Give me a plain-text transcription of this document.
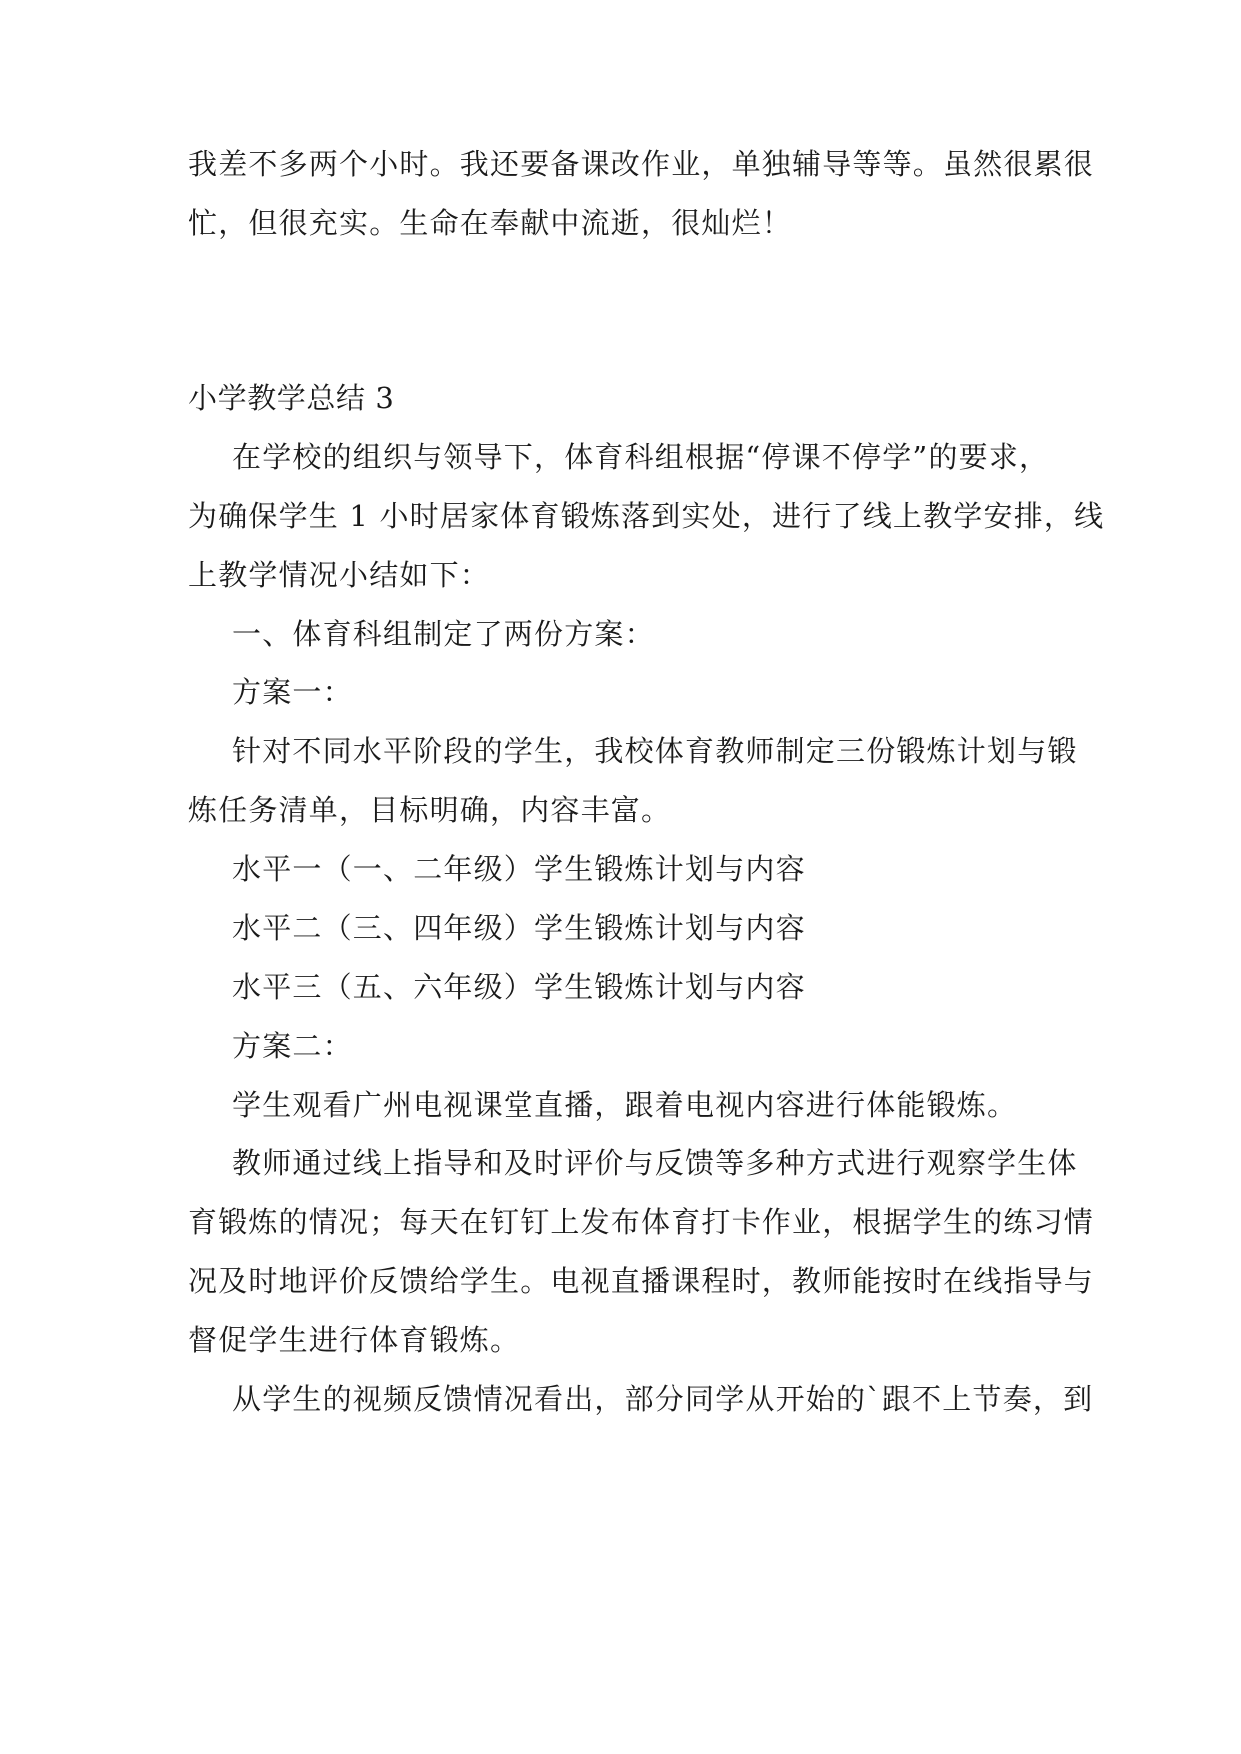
我差不多两个小时。我还要备课改作业，单独辅导等等。虽然很累很
忙，但很充实。生命在奉献中流逝，很灿烂！
小学教学总结 3
在学校的组织与领导下，体育科组根据“停课不停学”的要求，
为确保学生 1 小时居家体育锻炼落到实处，进行了线上教学安排，线
上教学情况小结如下：
一、体育科组制定了两份方案：
方案一：
针对不同水平阶段的学生，我校体育教师制定三份锻炼计划与锻
炼任务清单，目标明确，内容丰富。
水平一（一、二年级）学生锻炼计划与内容
水平二（三、四年级）学生锻炼计划与内容
水平三（五、六年级）学生锻炼计划与内容
方案二：
学生观看广州电视课堂直播，跟着电视内容进行体能锻炼。
教师通过线上指导和及时评价与反馈等多种方式进行观察学生体
育锻炼的情况；每天在钉钉上发布体育打卡作业，根据学生的练习情
况及时地评价反馈给学生。电视直播课程时，教师能按时在线指导与
督促学生进行体育锻炼。
从学生的视频反馈情况看出，部分同学从开始的`跟不上节奏，到
